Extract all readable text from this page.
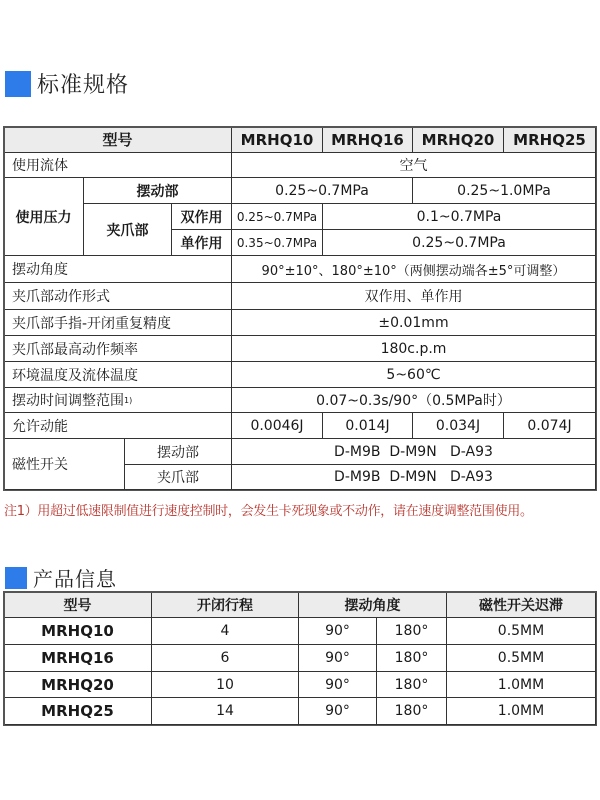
标准规格
型号	MRHQ10	MRHQ16	MRHQ20	MRHQ25
使用流体	空气
使用压力
摆动部	0.25~0.7MPa	0.25~1.0MPa
夹爪部
双作用	0.25~0.7MPa	0.1~0.7MPa
单作用	0.35~0.7MPa	0.25~0.7MPa
摆动角度	90°±10°、180°±10°（两侧摆动端各±5°可调整）
夹爪部动作形式	双作用、单作用
夹爪部手指-开闭重复精度	±0.01mm
夹爪部最高动作频率	180c.p.m
环境温度及流体温度	5~60℃
摆动时间调整范围 1)	0.07~0.3s/90°（0.5MPa时）
允许动能	0.0046J	0.014J	0.034J	0.074J
磁性开关
摆动部	D-M9B  D-M9N   D-A93
夹爪部	D-M9B  D-M9N   D-A93
注1）用超过低速限制值进行速度控制时，会发生卡死现象或不动作，请在速度调整范围使用。
产品信息
型号	开闭行程	摆动角度	磁性开关迟滞
MRHQ10	4	90°	180°	0.5MM
MRHQ16	6	90°	180°	0.5MM
MRHQ20	10	90°	180°	1.0MM
MRHQ25	14	90°	180°	1.0MM
